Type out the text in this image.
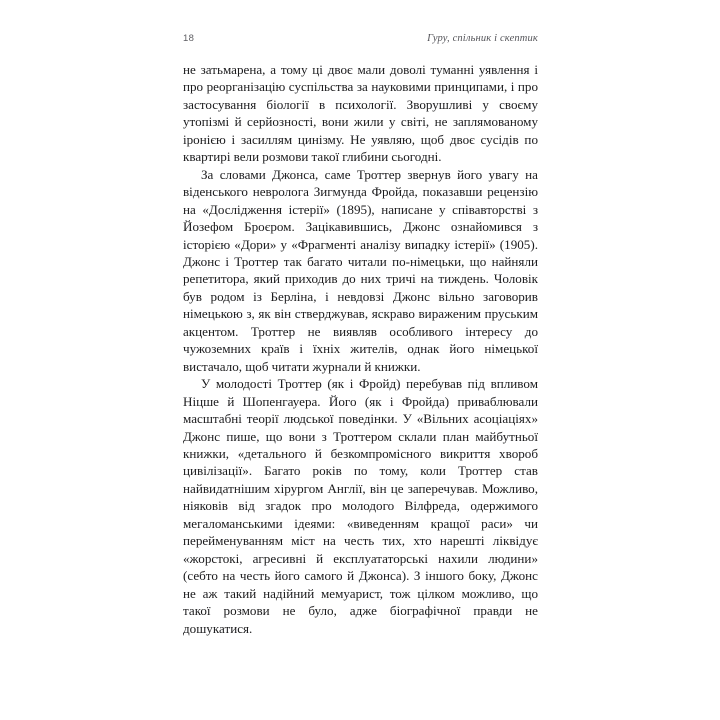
18	Гуру, спільник і скептик

не затьмарена, а тому ці двоє мали доволі туманні уявлення і про реорганізацію суспільства за науковими принципами, і про застосування біології в психології. Зворушливі у своєму утопізмі й серйозності, вони жили у світі, не заплямованому іронією і засиллям цинізму. Не уявляю, щоб двоє сусідів по квартирі вели розмови такої глибини сьогодні.

За словами Джонса, саме Троттер звернув його увагу на віденського невролога Зигмунда Фройда, показавши рецензію на «Дослідження істерії» (1895), написане у співавторстві з Йозефом Броєром. Зацікавившись, Джонс ознайомився з історією «Дори» у «Фрагменті аналізу випадку істерії» (1905). Джонс і Троттер так багато читали по-німецьки, що найняли репетитора, який приходив до них тричі на тиждень. Чоловік був родом із Берліна, і невдовзі Джонс вільно заговорив німецькою з, як він стверджував, яскраво вираженим пруським акцентом. Троттер не виявляв особливого інтересу до чужоземних країв і їхніх жителів, однак його німецької вистачало, щоб читати журнали й книжки.

У молодості Троттер (як і Фройд) перебував під впливом Ніцше й Шопенгауера. Його (як і Фройда) приваблювали масштабні теорії людської поведінки. У «Вільних асоціаціях» Джонс пише, що вони з Троттером склали план майбутньої книжки, «детального й безкомпромісного викриття хвороб цивілізації». Багато років по тому, коли Троттер став найвидатнішим хірургом Англії, він це заперечував. Можливо, ніяковів від згадок про молодого Вілфреда, одержимого мегаломанськими ідеями: «виведенням кращої раси» чи перейменуванням міст на честь тих, хто нарешті ліквідує «жорстокі, агресивні й експлуататорські нахили людини» (себто на честь його самого й Джонса). З іншого боку, Джонс не аж такий надійний мемуарист, тож цілком можливо, що такої розмови не було, адже біографічної правди не дошукатися.
